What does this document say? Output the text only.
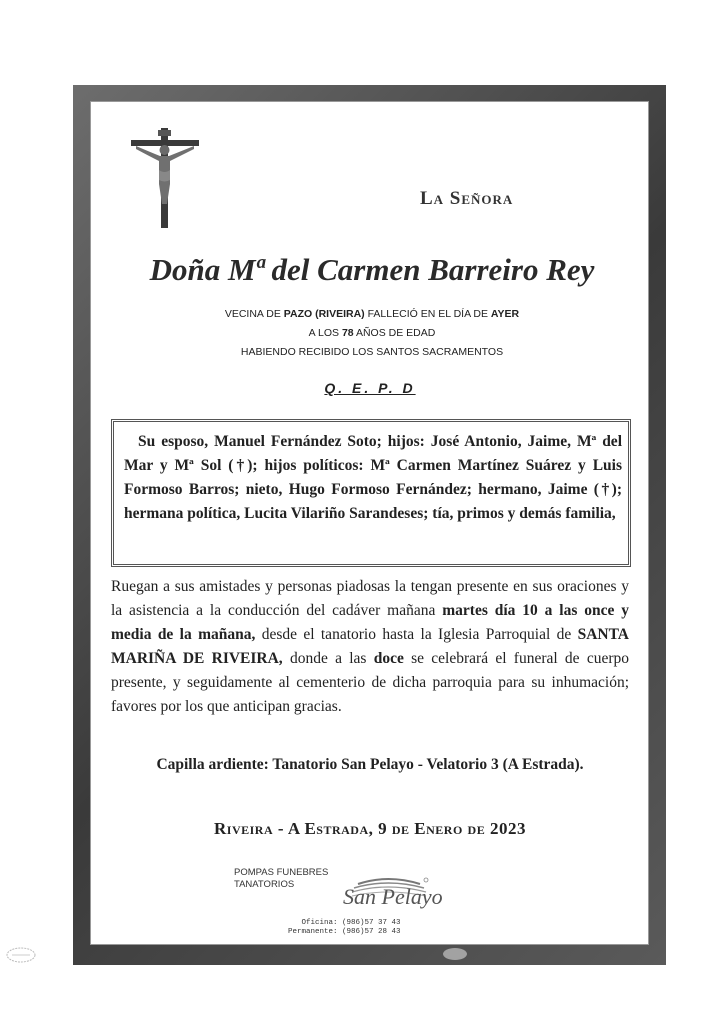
La Señora
Doña Mª del Carmen Barreiro Rey
VECINA DE PAZO (RIVEIRA) FALLECIÓ EN EL DÍA DE AYER
A LOS 78 AÑOS DE EDAD
HABIENDO RECIBIDO LOS SANTOS SACRAMENTOS
Q. E. P. D
Su esposo, Manuel Fernández Soto; hijos: José Antonio, Jaime, Mª del Mar y Mª Sol (†); hijos políticos: Mª Carmen Martínez Suárez y Luis Formoso Barros; nieto, Hugo Formoso Fernández; hermano, Jaime (†); hermana política, Lucita Vilariño Sarandeses; tía, primos y demás familia,
Ruegan a sus amistades y personas piadosas la tengan presente en sus oraciones y la asistencia a la conducción del cadáver mañana martes día 10 a las once y media de la mañana, desde el tanatorio hasta la Iglesia Parroquial de SANTA MARIÑA DE RIVEIRA, donde a las doce se celebrará el funeral de cuerpo presente, y seguidamente al cementerio de dicha parroquia para su inhumación; favores por los que anticipan gracias.
Capilla ardiente: Tanatorio San Pelayo - Velatorio 3 (A Estrada).
Riveira - A Estrada, 9 de Enero de 2023
POMPAS FUNEBRES
TANATORIOS	San Pelayo
Oficina: (986)57 37 43
Permanente: (986)57 28 43
